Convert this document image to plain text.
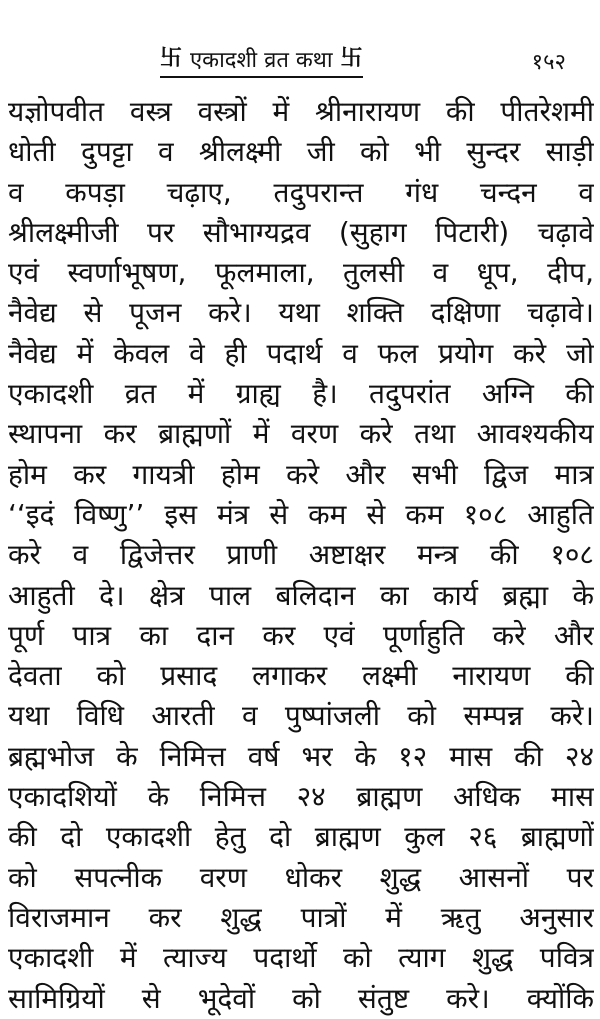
卐 एकादशी व्रत कथा 卐	१५२
यज्ञोपवीत वस्त्र वस्त्रों में श्रीनारायण की पीतरेशमी
धोती दुपट्टा व श्रीलक्ष्मी जी को भी सुन्दर साड़ी
व कपड़ा चढ़ाए, तदुपरान्त गंध चन्दन व
श्रीलक्ष्मीजी पर सौभाग्यद्रव (सुहाग पिटारी) चढ़ावे
एवं स्वर्णाभूषण, फूलमाला, तुलसी व धूप, दीप,
नैवेद्य से पूजन करे। यथा शक्ति दक्षिणा चढ़ावे।
नैवेद्य में केवल वे ही पदार्थ व फल प्रयोग करे जो
एकादशी व्रत में ग्राह्य है। तदुपरांत अग्नि की
स्थापना कर ब्राह्मणों में वरण करे तथा आवश्यकीय
होम कर गायत्री होम करे और सभी द्विज मात्र
‘‘इदं विष्णु’’ इस मंत्र से कम से कम १०८ आहुति
करे व द्विजेत्तर प्राणी अष्टाक्षर मन्त्र की १०८
आहुती दे। क्षेत्र पाल बलिदान का कार्य ब्रह्मा के
पूर्ण पात्र का दान कर एवं पूर्णाहुति करे और
देवता को प्रसाद लगाकर लक्ष्मी नारायण की
यथा विधि आरती व पुष्पांजली को सम्पन्न करे।
ब्रह्मभोज के निमित्त वर्ष भर के १२ मास की २४
एकादशियों के निमित्त २४ ब्राह्मण अधिक मास
की दो एकादशी हेतु दो ब्राह्मण कुल २६ ब्राह्मणों
को सपत्नीक वरण धोकर शुद्ध आसनों पर
विराजमान कर शुद्ध पात्रों में ऋतु अनुसार
एकादशी में त्याज्य पदार्थो को त्याग शुद्ध पवित्र
सामिग्रियों से भूदेवों को संतुष्ट करे। क्योंकि
